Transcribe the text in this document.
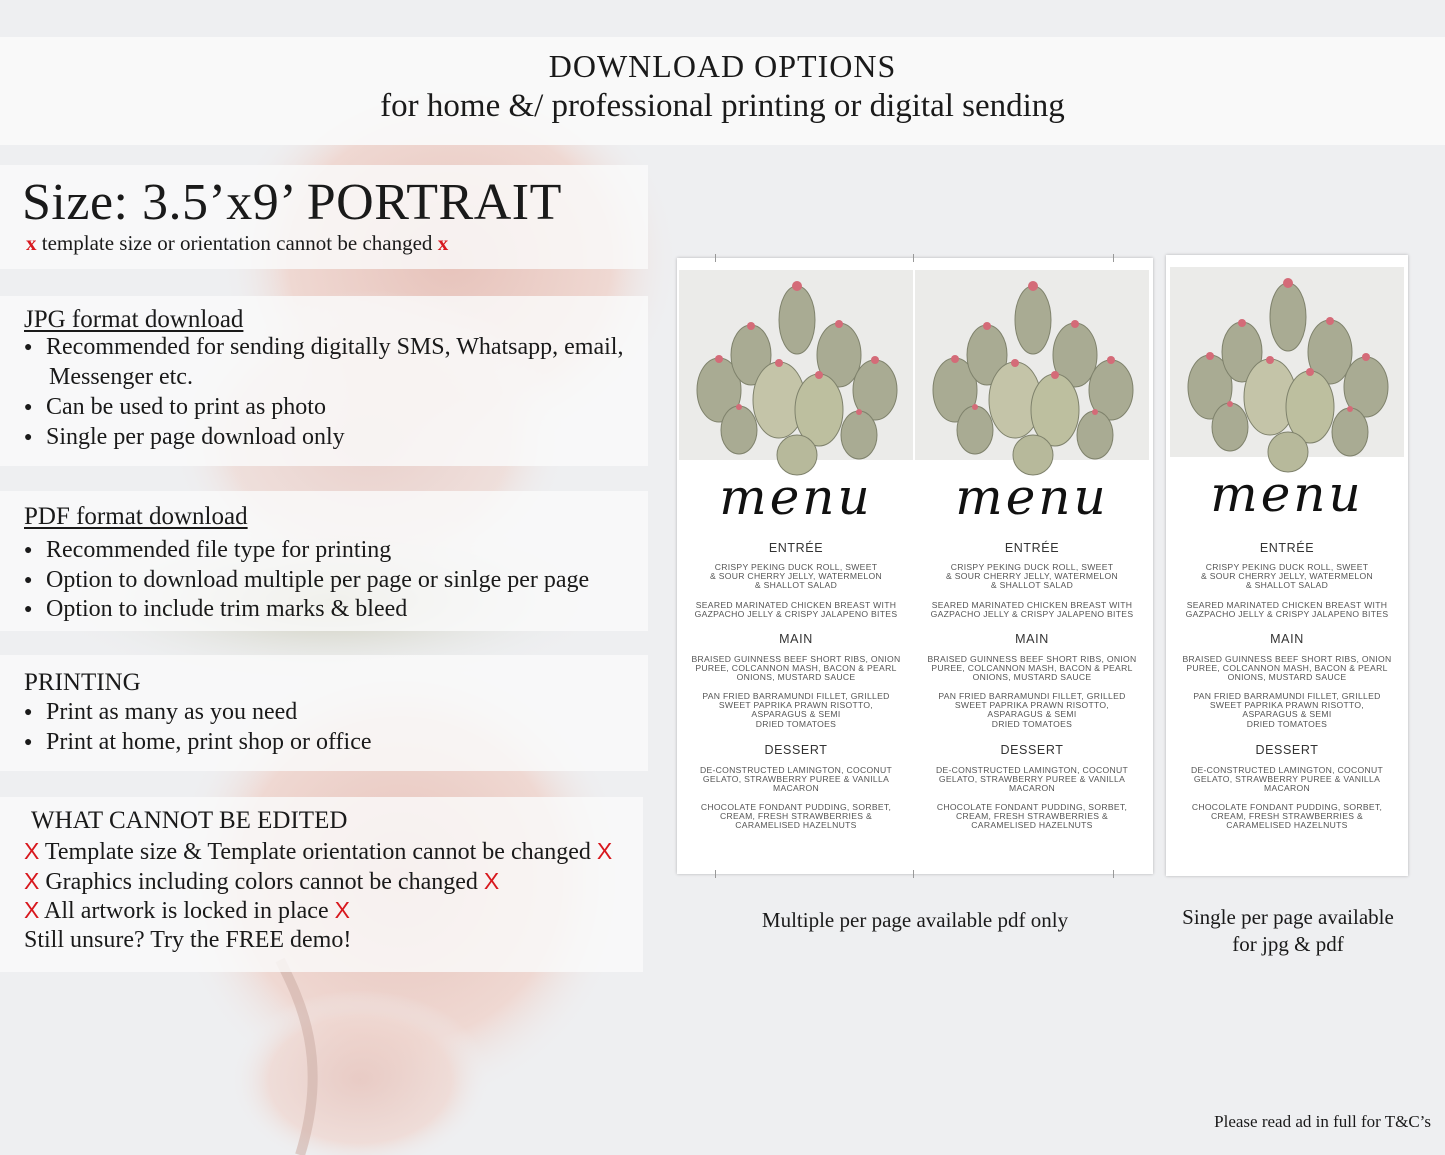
DOWNLOAD OPTIONS
for home &/ professional printing or digital sending
Size: 3.5’x9’ PORTRAIT
x template size or orientation cannot be changed x
JPG format download
● Recommended for sending digitally SMS, Whatsapp, email,
Messenger etc.
● Can be used to print as photo
● Single per page download only
PDF format download
● Recommended file type for printing
● Option to download multiple per page or sinlge per page
● Option to include trim marks & bleed
PRINTING
● Print as many as you need
● Print at home, print shop or office
WHAT CANNOT BE EDITED
X Template size & Template orientation cannot be changed X
X Graphics including colors cannot be changed X
X All artwork is locked in place X
Still unsure? Try the FREE demo!
menu
ENTRÉE
CRISPY PEKING DUCK ROLL, SWEET
& SOUR CHERRY JELLY, WATERMELON
& SHALLOT SALAD
SEARED MARINATED CHICKEN BREAST WITH
GAZPACHO JELLY & CRISPY JALAPENO BITES
MAIN
BRAISED GUINNESS BEEF SHORT RIBS, ONION
PUREE, COLCANNON MASH, BACON & PEARL
ONIONS, MUSTARD SAUCE
PAN FRIED BARRAMUNDI FILLET, GRILLED
SWEET PAPRIKA PRAWN RISOTTO,
ASPARAGUS & SEMI
DRIED TOMATOES
DESSERT
DE-CONSTRUCTED LAMINGTON, COCONUT
GELATO, STRAWBERRY PUREE & VANILLA
MACARON
CHOCOLATE FONDANT PUDDING, SORBET,
CREAM, FRESH STRAWBERRIES &
CARAMELISED HAZELNUTS
menu
ENTRÉE
CRISPY PEKING DUCK ROLL, SWEET
& SOUR CHERRY JELLY, WATERMELON
& SHALLOT SALAD
SEARED MARINATED CHICKEN BREAST WITH
GAZPACHO JELLY & CRISPY JALAPENO BITES
MAIN
BRAISED GUINNESS BEEF SHORT RIBS, ONION
PUREE, COLCANNON MASH, BACON & PEARL
ONIONS, MUSTARD SAUCE
PAN FRIED BARRAMUNDI FILLET, GRILLED
SWEET PAPRIKA PRAWN RISOTTO,
ASPARAGUS & SEMI
DRIED TOMATOES
DESSERT
DE-CONSTRUCTED LAMINGTON, COCONUT
GELATO, STRAWBERRY PUREE & VANILLA
MACARON
CHOCOLATE FONDANT PUDDING, SORBET,
CREAM, FRESH STRAWBERRIES &
CARAMELISED HAZELNUTS
menu
ENTRÉE
CRISPY PEKING DUCK ROLL, SWEET
& SOUR CHERRY JELLY, WATERMELON
& SHALLOT SALAD
SEARED MARINATED CHICKEN BREAST WITH
GAZPACHO JELLY & CRISPY JALAPENO BITES
MAIN
BRAISED GUINNESS BEEF SHORT RIBS, ONION
PUREE, COLCANNON MASH, BACON & PEARL
ONIONS, MUSTARD SAUCE
PAN FRIED BARRAMUNDI FILLET, GRILLED
SWEET PAPRIKA PRAWN RISOTTO,
ASPARAGUS & SEMI
DRIED TOMATOES
DESSERT
DE-CONSTRUCTED LAMINGTON, COCONUT
GELATO, STRAWBERRY PUREE & VANILLA
MACARON
CHOCOLATE FONDANT PUDDING, SORBET,
CREAM, FRESH STRAWBERRIES &
CARAMELISED HAZELNUTS
Multiple per page available pdf only	Single per page available
for jpg & pdf
Please read ad in full for T&C’s
